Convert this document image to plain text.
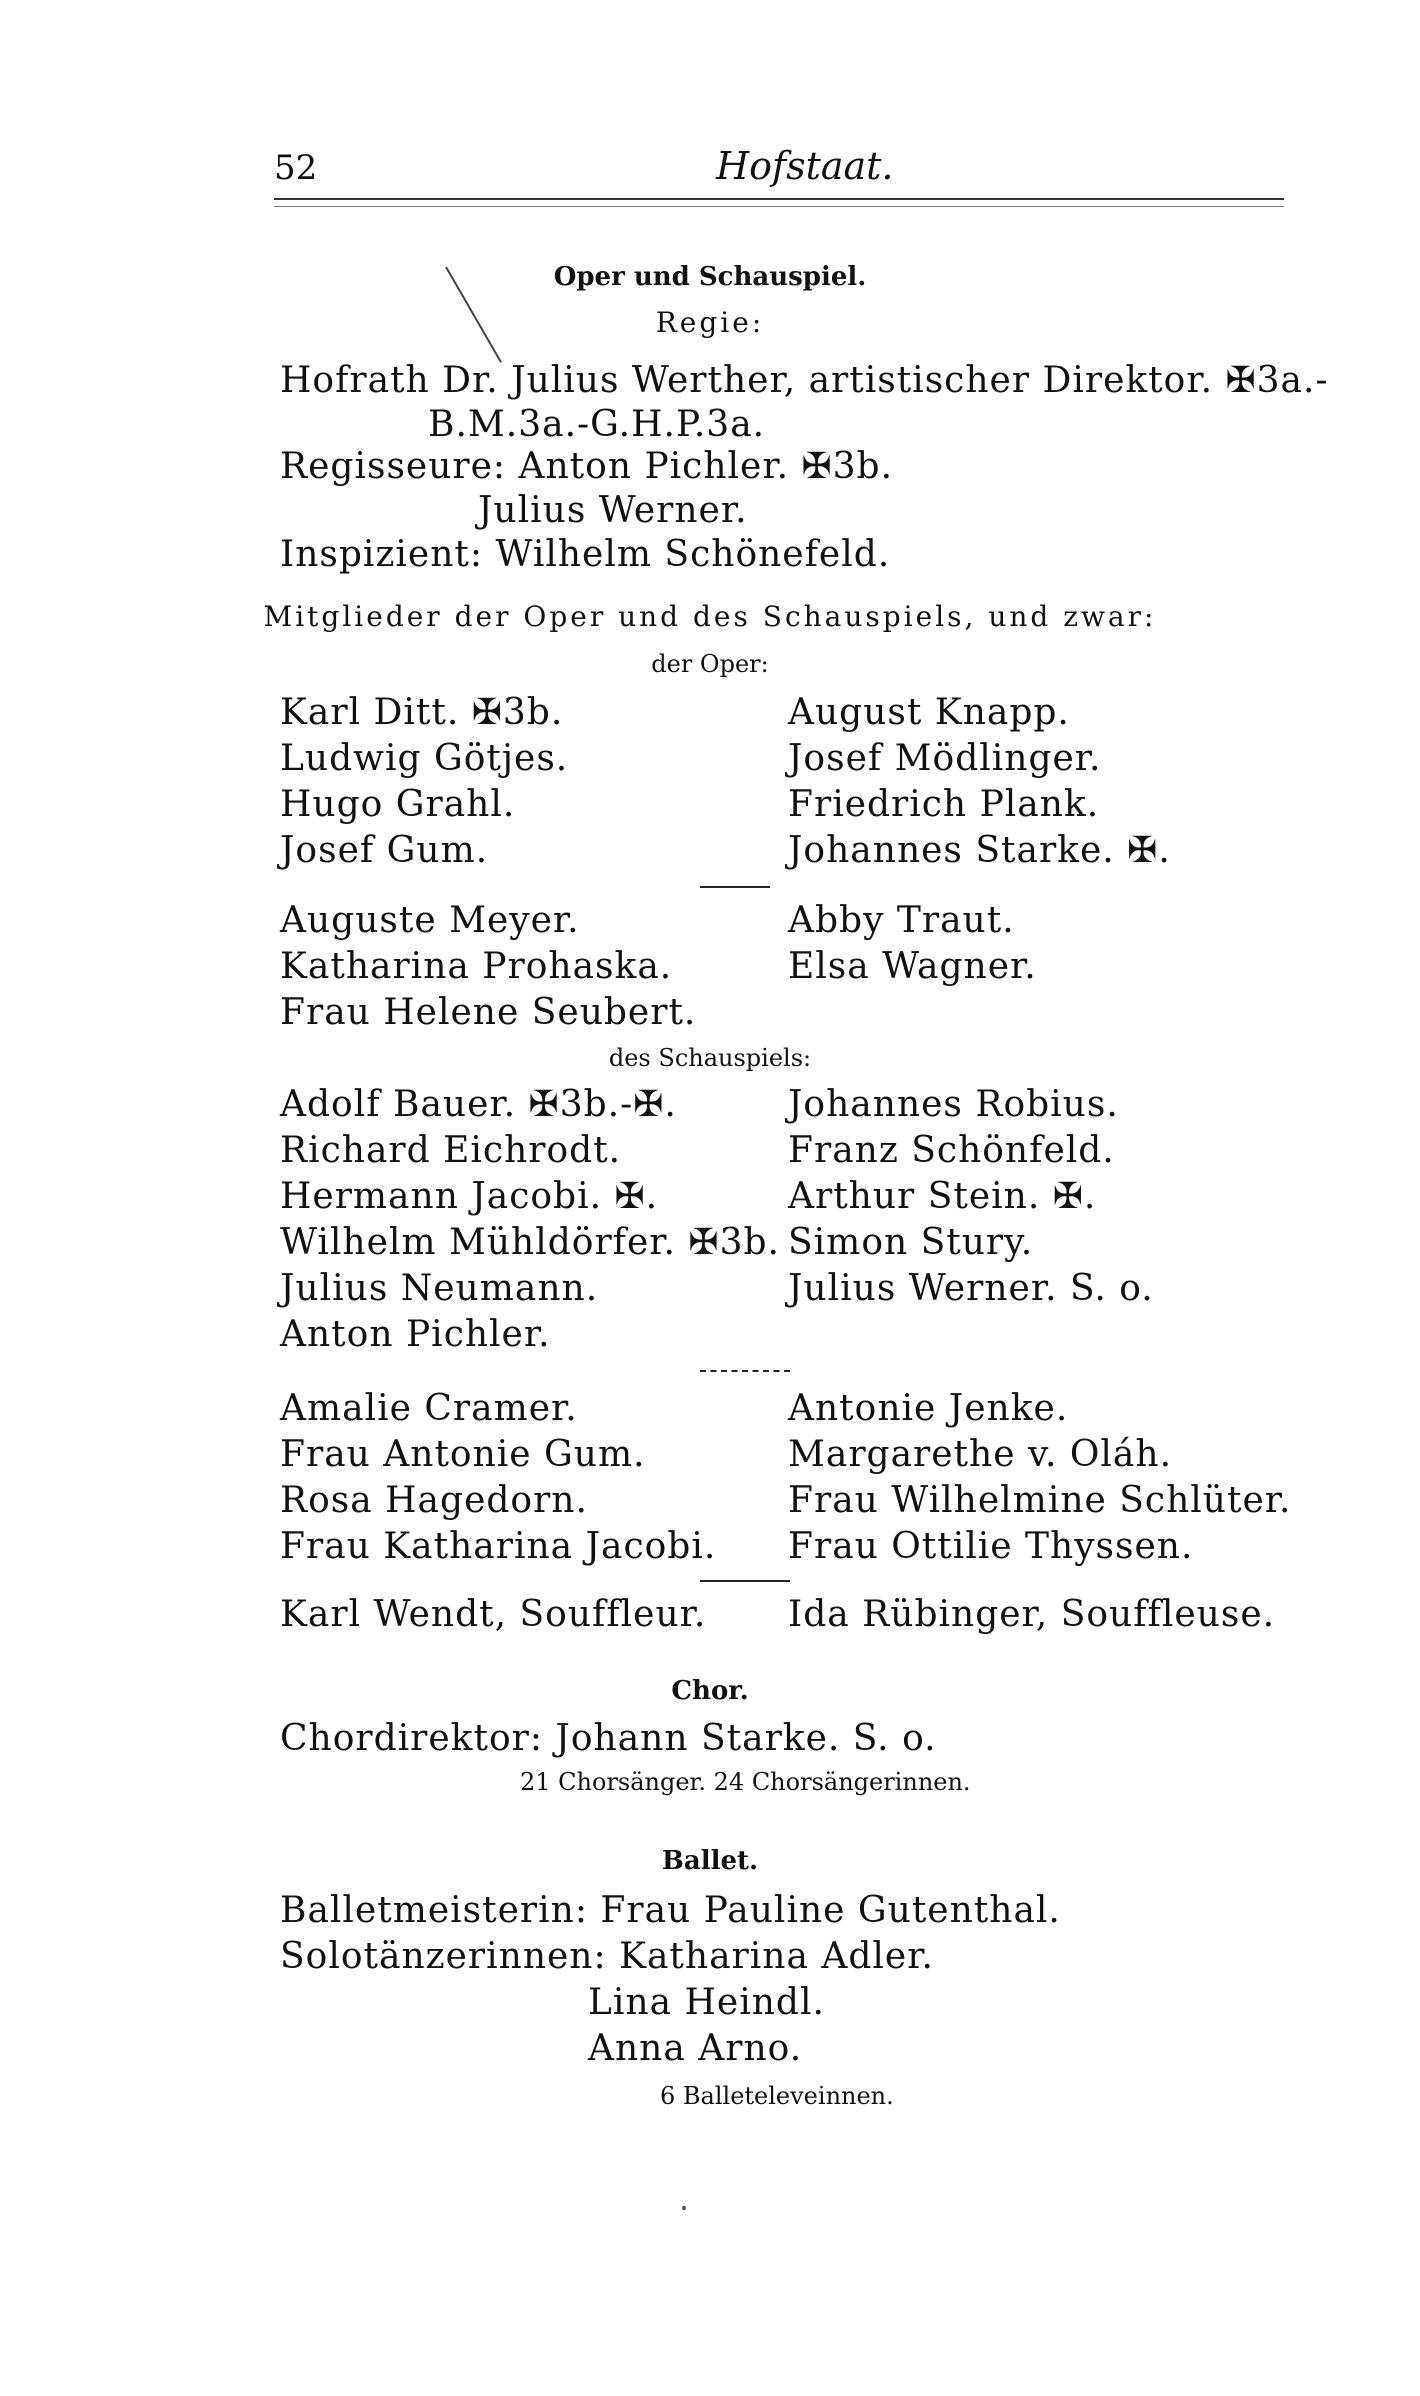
52	Hofstaat.
Oper und Schauspiel.
Regie:
Hofrath Dr. Julius Werther, artistischer Direktor. ✠3a.-
B.M.3a.-G.H.P.3a.
Regisseure: Anton Pichler. ✠3b.
Julius Werner.
Inspizient: Wilhelm Schönefeld.
Mitglieder der Oper und des Schauspiels, und zwar:
der Oper:
Karl Ditt. ✠3b.
Ludwig Götjes.
Hugo Grahl.
Josef Gum.
August Knapp.
Josef Mödlinger.
Friedrich Plank.
Johannes Starke. ✠.
Auguste Meyer.
Katharina Prohaska.
Frau Helene Seubert.
Abby Traut.
Elsa Wagner.
des Schauspiels:
Adolf Bauer. ✠3b.-✠.
Richard Eichrodt.
Hermann Jacobi. ✠.
Wilhelm Mühldörfer. ✠3b.
Julius Neumann.
Anton Pichler.
Johannes Robius.
Franz Schönfeld.
Arthur Stein. ✠.
Simon Stury.
Julius Werner. S. o.
Amalie Cramer.
Frau Antonie Gum.
Rosa Hagedorn.
Frau Katharina Jacobi.
Antonie Jenke.
Margarethe v. Oláh.
Frau Wilhelmine Schlüter.
Frau Ottilie Thyssen.
Karl Wendt, Souffleur. Ida Rübinger, Souffleuse.
Chor.
Chordirektor: Johann Starke. S. o.
21 Chorsänger. 24 Chorsängerinnen.
Ballet.
Balletmeisterin: Frau Pauline Gutenthal.
Solotänzerinnen: Katharina Adler.
Lina Heindl.
Anna Arno.
6 Balleteleveinnen.
